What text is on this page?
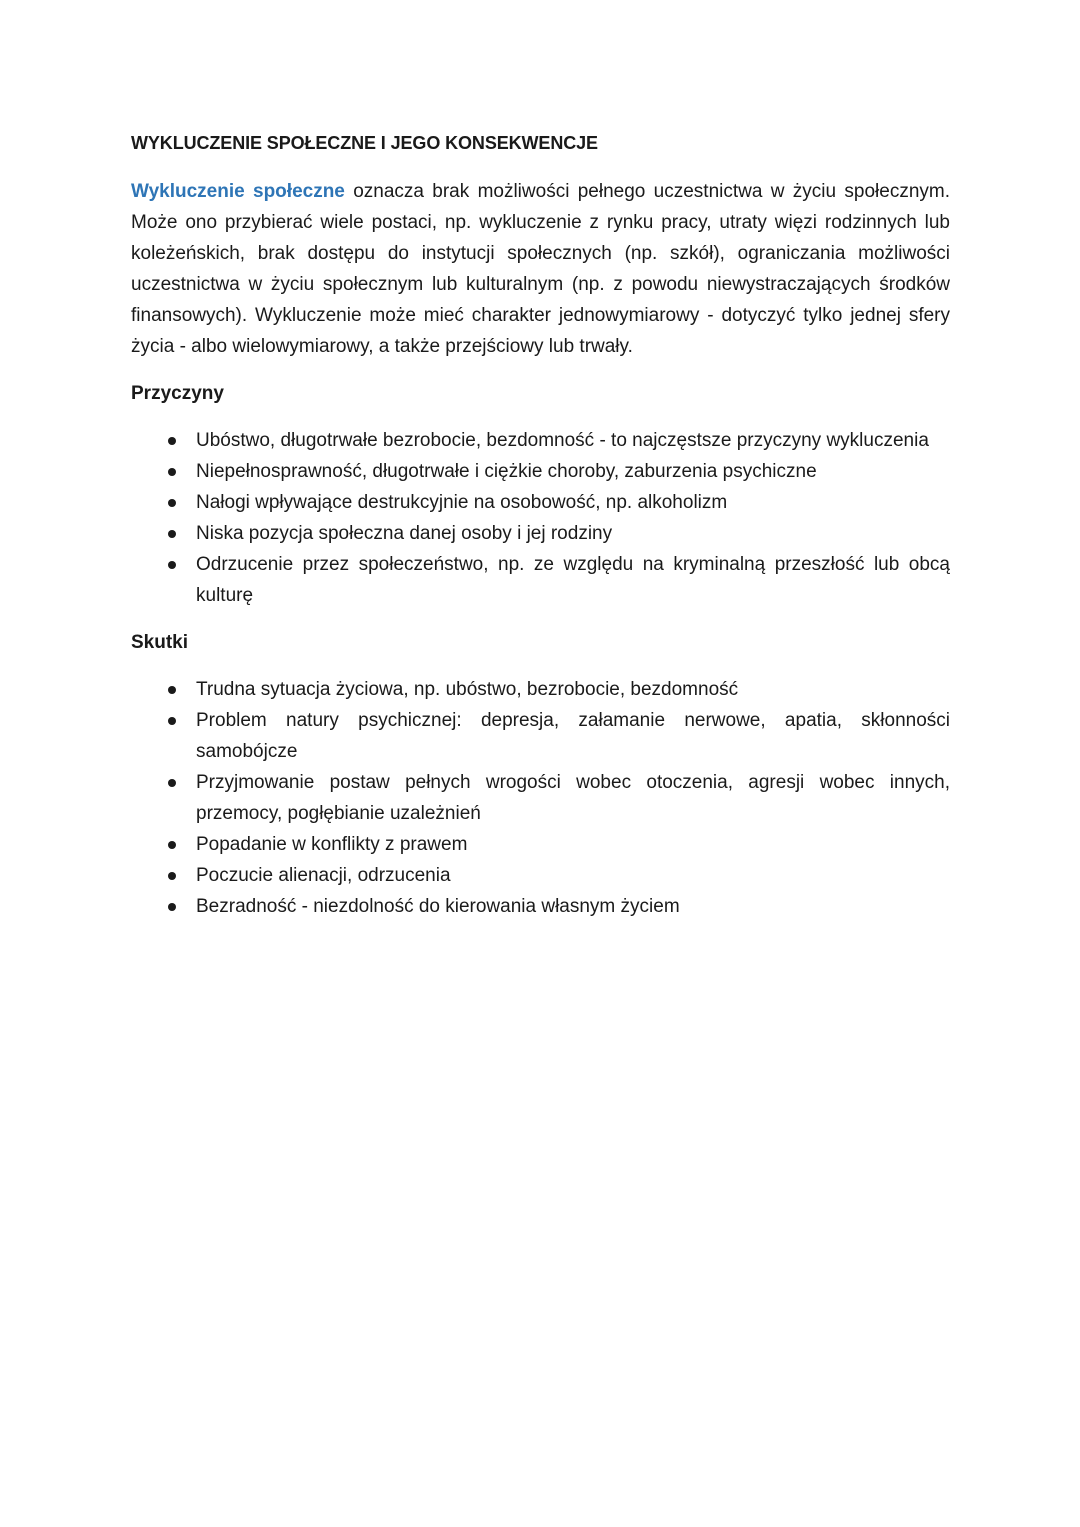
WYKLUCZENIE SPOŁECZNE I JEGO KONSEKWENCJE

Wykluczenie społeczne oznacza brak możliwości pełnego uczestnictwa w życiu społecznym. Może ono przybierać wiele postaci, np. wykluczenie z rynku pracy, utraty więzi rodzinnych lub koleżeńskich, brak dostępu do instytucji społecznych (np. szkół), ograniczania możliwości uczestnictwa w życiu społecznym lub kulturalnym (np. z powodu niewystraczających środków finansowych). Wykluczenie może mieć charakter jednowymiarowy - dotyczyć tylko jednej sfery życia - albo wielowymiarowy, a także przejściowy lub trwały.

Przyczyny
Ubóstwo, długotrwałe bezrobocie, bezdomność - to najczęstsze przyczyny wykluczenia
Niepełnosprawność, długotrwałe i ciężkie choroby, zaburzenia psychiczne
Nałogi wpływające destrukcyjnie na osobowość, np. alkoholizm
Niska pozycja społeczna danej osoby i jej rodziny
Odrzucenie przez społeczeństwo, np. ze względu na kryminalną przeszłość lub obcą kulturę
Skutki
Trudna sytuacja życiowa, np. ubóstwo, bezrobocie, bezdomność
Problem natury psychicznej: depresja, załamanie nerwowe, apatia, skłonności samobójcze
Przyjmowanie postaw pełnych wrogości wobec otoczenia, agresji wobec innych, przemocy, pogłębianie uzależnień
Popadanie w konflikty z prawem
Poczucie alienacji, odrzucenia
Bezradność - niezdolność do kierowania własnym życiem
